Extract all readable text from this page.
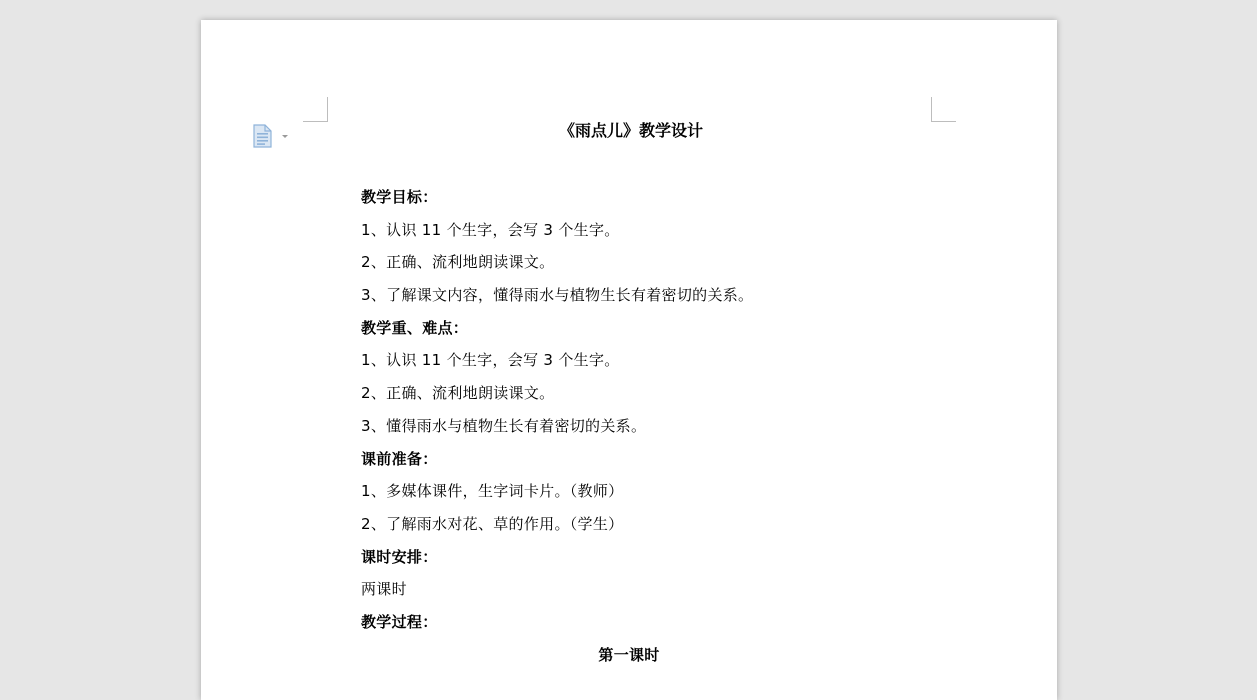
《雨点儿》教学设计
教学目标：
1、认识 11 个生字，会写 3 个生字。
2、正确、流利地朗读课文。
3、了解课文内容，懂得雨水与植物生长有着密切的关系。
教学重、难点：
1、认识 11 个生字，会写 3 个生字。
2、正确、流利地朗读课文。
3、懂得雨水与植物生长有着密切的关系。
课前准备：
1、多媒体课件，生字词卡片。（教师）
2、了解雨水对花、草的作用。（学生）
课时安排：
两课时
教学过程：
第一课时
